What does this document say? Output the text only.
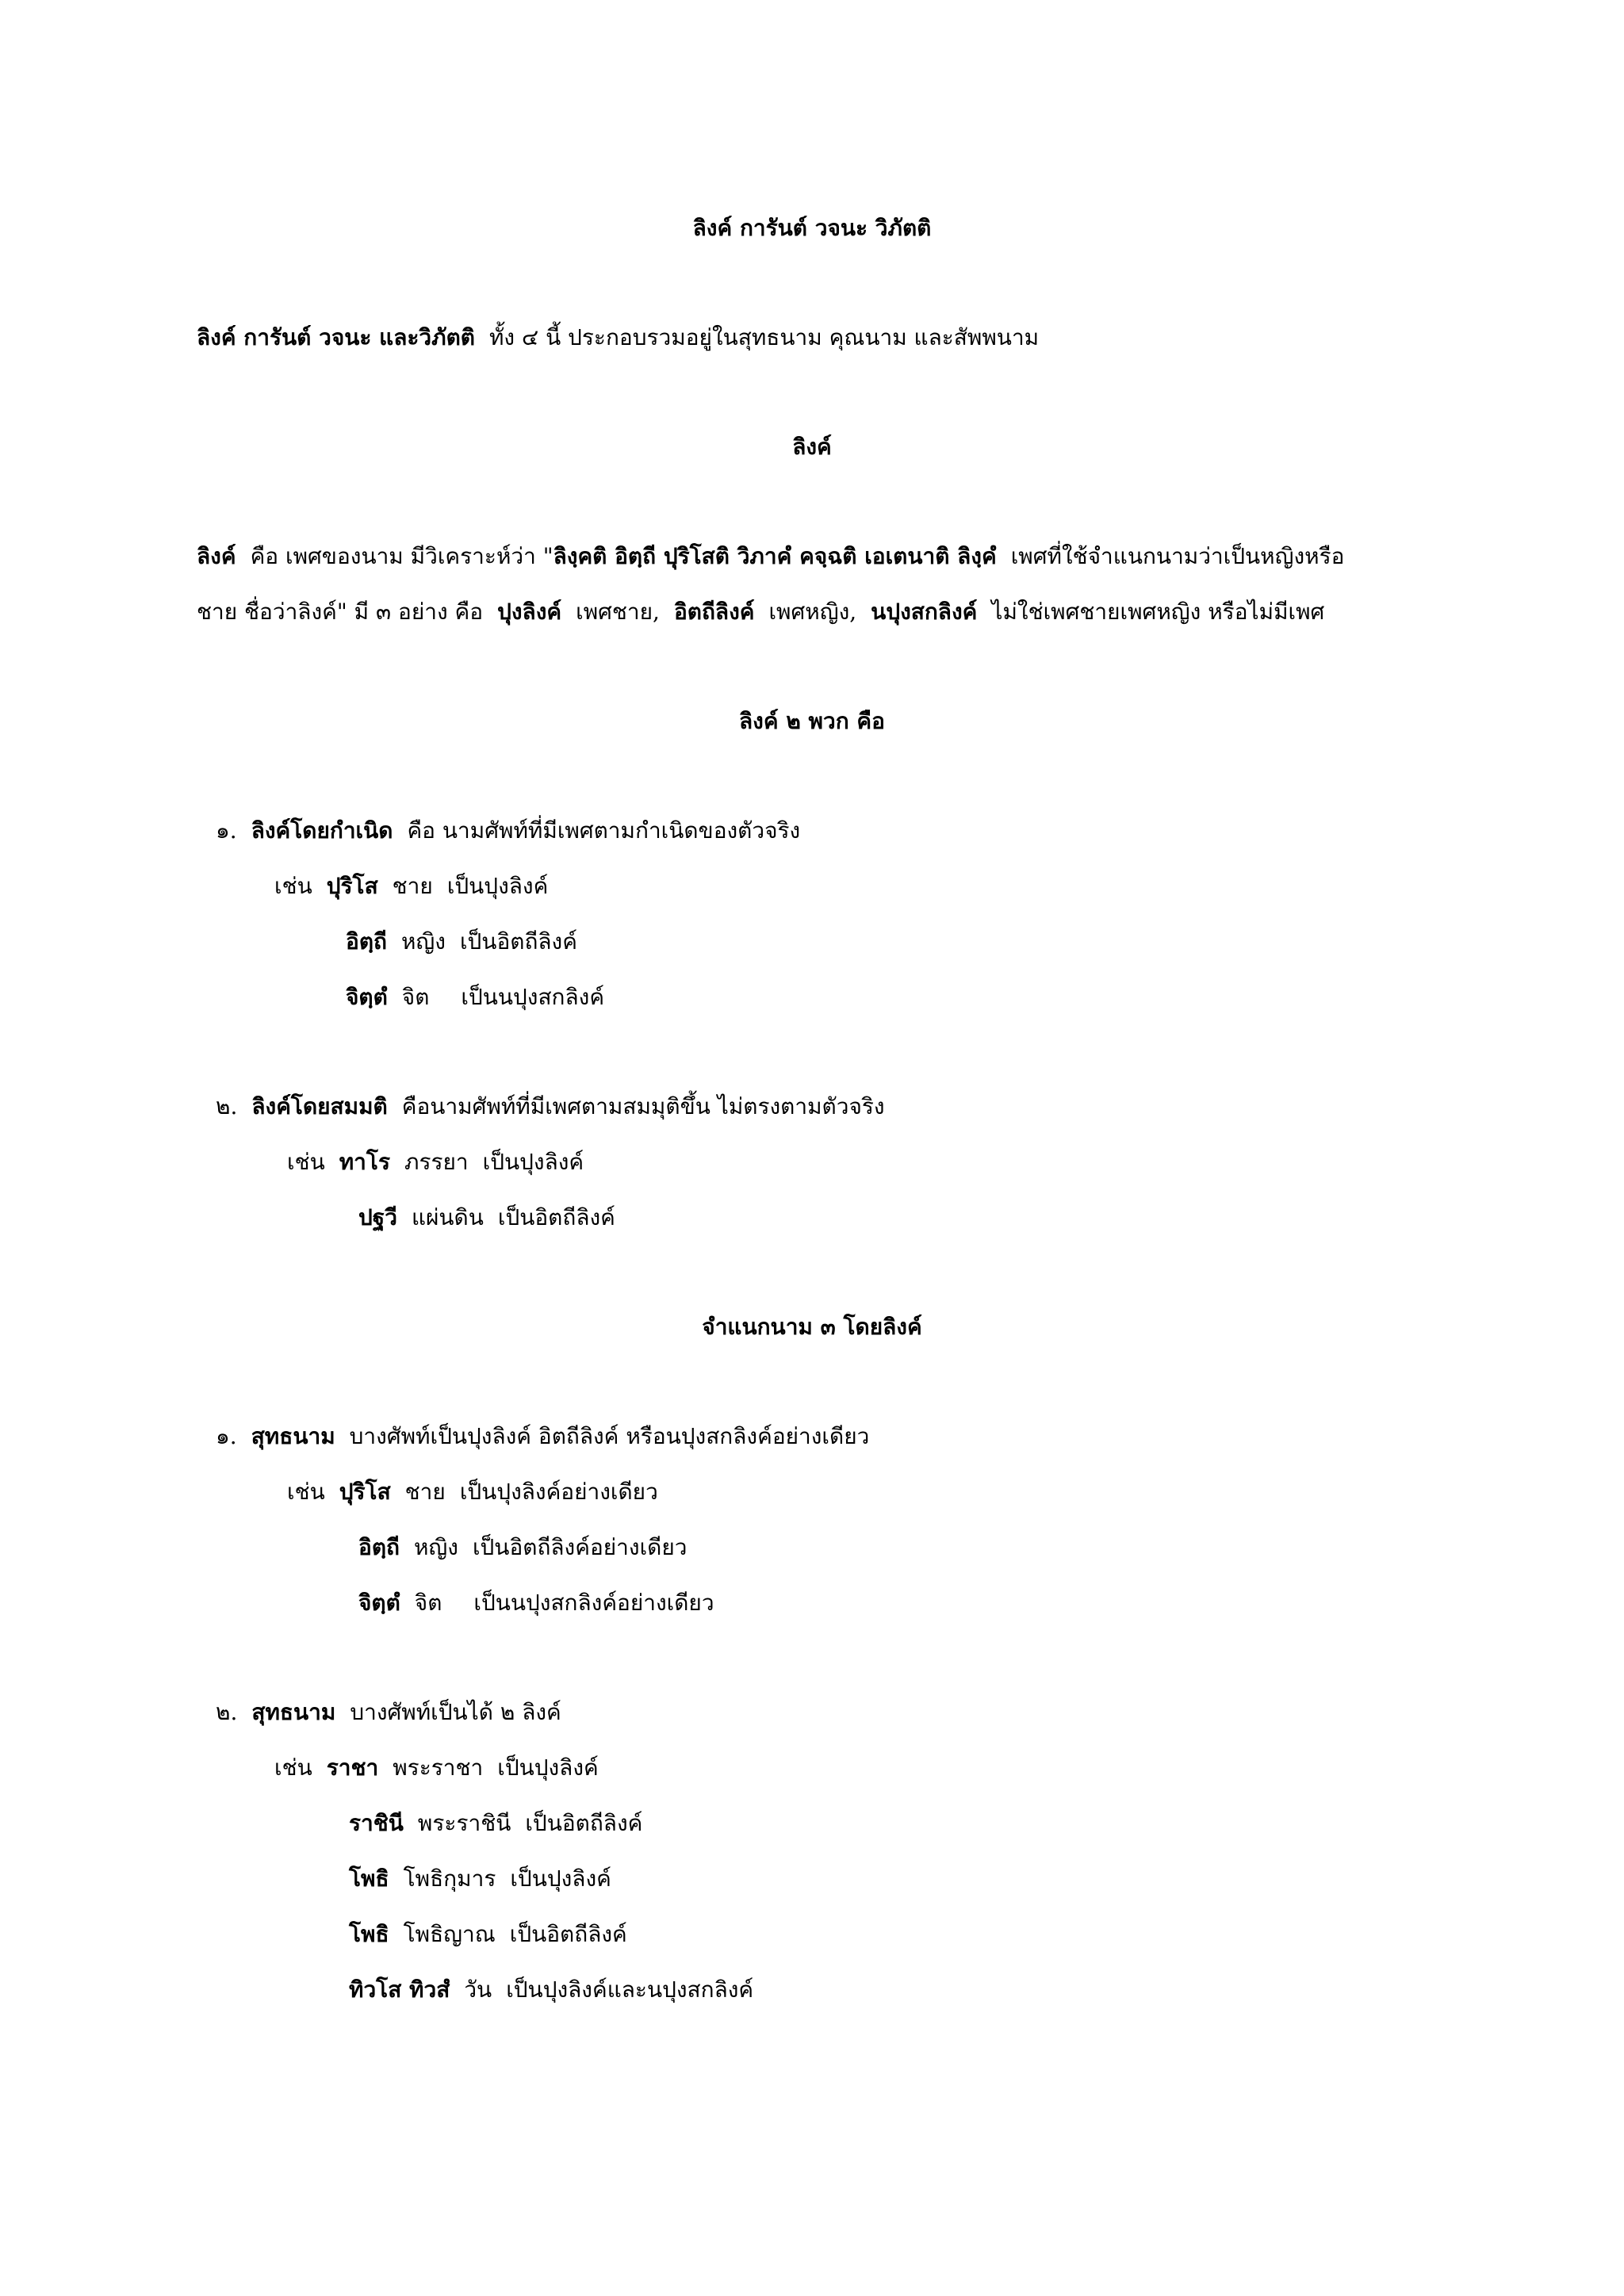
ลิงค์ การันต์ วจนะ วิภัตติ
ลิงค์ การันต์ วจนะ และวิภัตติ ทั้ง ๔ นี้ ประกอบรวมอยู่ในสุทธนาม คุณนาม และสัพพนาม
ลิงค์
ลิงค์ คือ เพศของนาม มีวิเคราะห์ว่า "ลิงฺคติ อิตฺถี ปุริโสติ วิภาคํ คจฺฉติ เอเตนาติ ลิงฺคํ เพศที่ใช้จำแนกนามว่าเป็นหญิงหรือ
ชาย ชื่อว่าลิงค์" มี ๓ อย่าง คือ ปุงลิงค์ เพศชาย, อิตถีลิงค์ เพศหญิง, นปุงสกลิงค์ ไม่ใช่เพศชายเพศหญิง หรือไม่มีเพศ
ลิงค์ ๒ พวก คือ
๑. ลิงค์โดยกำเนิด คือ นามศัพท์ที่มีเพศตามกำเนิดของตัวจริง
เช่น ปุริโส ชาย เป็นปุงลิงค์
อิตฺถี หญิง เป็นอิตถีลิงค์
จิตฺตํ จิต เป็นนปุงสกลิงค์
๒. ลิงค์โดยสมมติ คือนามศัพท์ที่มีเพศตามสมมุติขึ้น ไม่ตรงตามตัวจริง
เช่น ทาโร ภรรยา เป็นปุงลิงค์
ปฐวี แผ่นดิน เป็นอิตถีลิงค์
จำแนกนาม ๓ โดยลิงค์
๑. สุทธนาม บางศัพท์เป็นปุงลิงค์ อิตถีลิงค์ หรือนปุงสกลิงค์อย่างเดียว
เช่น ปุริโส ชาย เป็นปุงลิงค์อย่างเดียว
อิตฺถี หญิง เป็นอิตถีลิงค์อย่างเดียว
จิตฺตํ จิต เป็นนปุงสกลิงค์อย่างเดียว
๒. สุทธนาม บางศัพท์เป็นได้ ๒ ลิงค์
เช่น ราชา พระราชา เป็นปุงลิงค์
ราชินี พระราชินี เป็นอิตถีลิงค์
โพธิ โพธิกุมาร เป็นปุงลิงค์
โพธิ โพธิญาณ เป็นอิตถีลิงค์
ทิวโส ทิวสํ วัน เป็นปุงลิงค์และนปุงสกลิงค์
